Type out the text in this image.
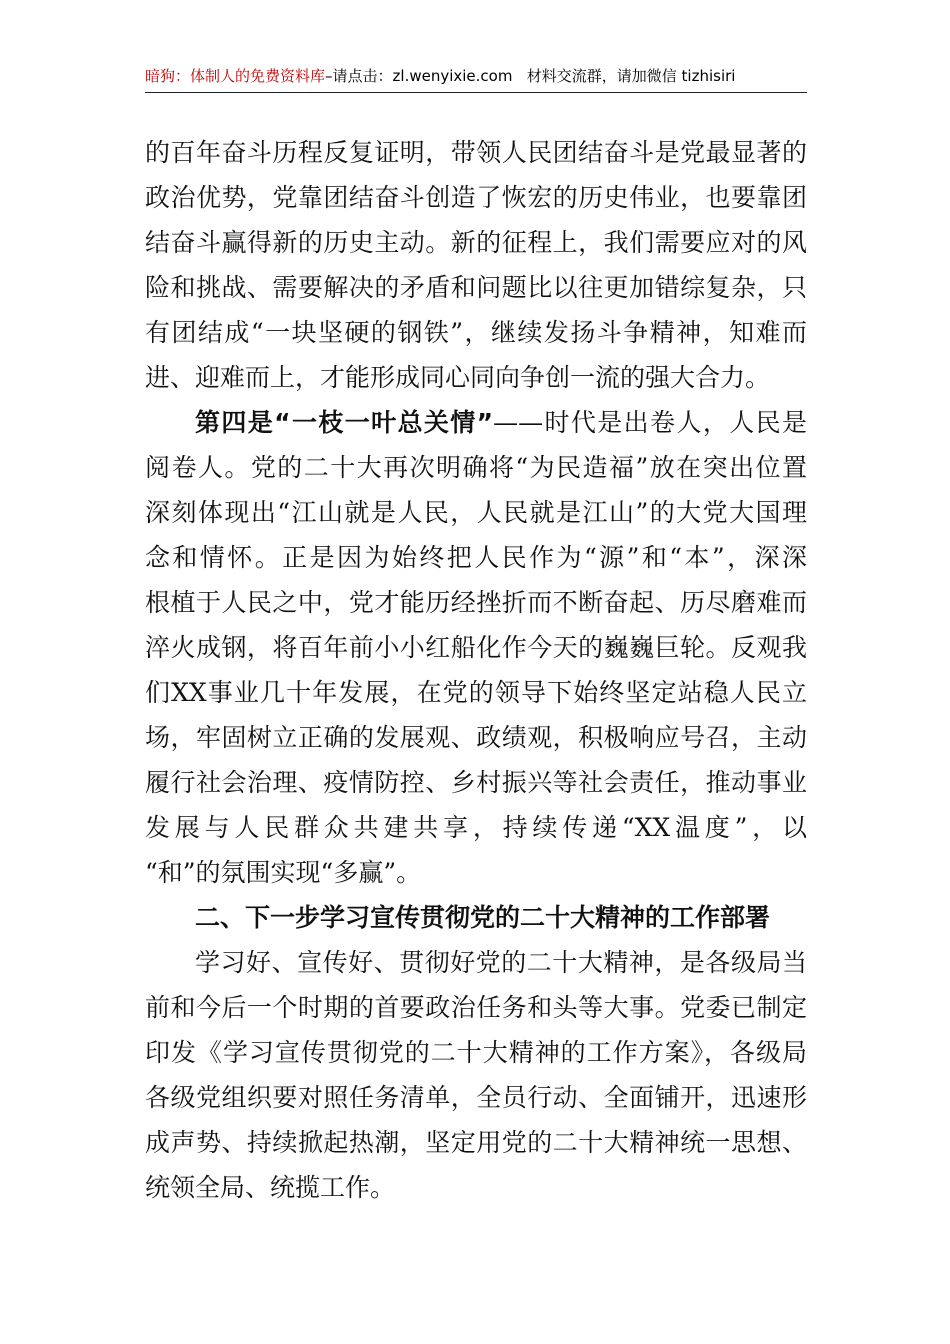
暗狗：体制人的免费资料库–请点击：zl.wenyixie.com 材料交流群，请加微信 tizhisiri
的百年奋斗历程反复证明，带领人民团结奋斗是党最显著的
政治优势，党靠团结奋斗创造了恢宏的历史伟业，也要靠团
结奋斗赢得新的历史主动。新的征程上，我们需要应对的风
险和挑战、需要解决的矛盾和问题比以往更加错综复杂，只
有团结成“一块坚硬的钢铁”，继续发扬斗争精神，知难而
进、迎难而上，才能形成同心同向争创一流的强大合力。
第四是“一枝一叶总关情”——时代是出卷人，人民是
阅卷人。党的二十大再次明确将“为民造福”放在突出位置
深刻体现出“江山就是人民，人民就是江山”的大党大国理
念和情怀。正是因为始终把人民作为“源”和“本”，深深
根植于人民之中，党才能历经挫折而不断奋起、历尽磨难而
淬火成钢，将百年前小小红船化作今天的巍巍巨轮。反观我
们XX事业几十年发展，在党的领导下始终坚定站稳人民立
场，牢固树立正确的发展观、政绩观，积极响应号召，主动
履行社会治理、疫情防控、乡村振兴等社会责任，推动事业
发展与人民群众共建共享，持续传递“XX温度”，以
“和”的氛围实现“多赢”。
二、下一步学习宣传贯彻党的二十大精神的工作部署
学习好、宣传好、贯彻好党的二十大精神，是各级局当
前和今后一个时期的首要政治任务和头等大事。党委已制定
印发《学习宣传贯彻党的二十大精神的工作方案》，各级局
各级党组织要对照任务清单，全员行动、全面铺开，迅速形
成声势、持续掀起热潮，坚定用党的二十大精神统一思想、
统领全局、统揽工作。
